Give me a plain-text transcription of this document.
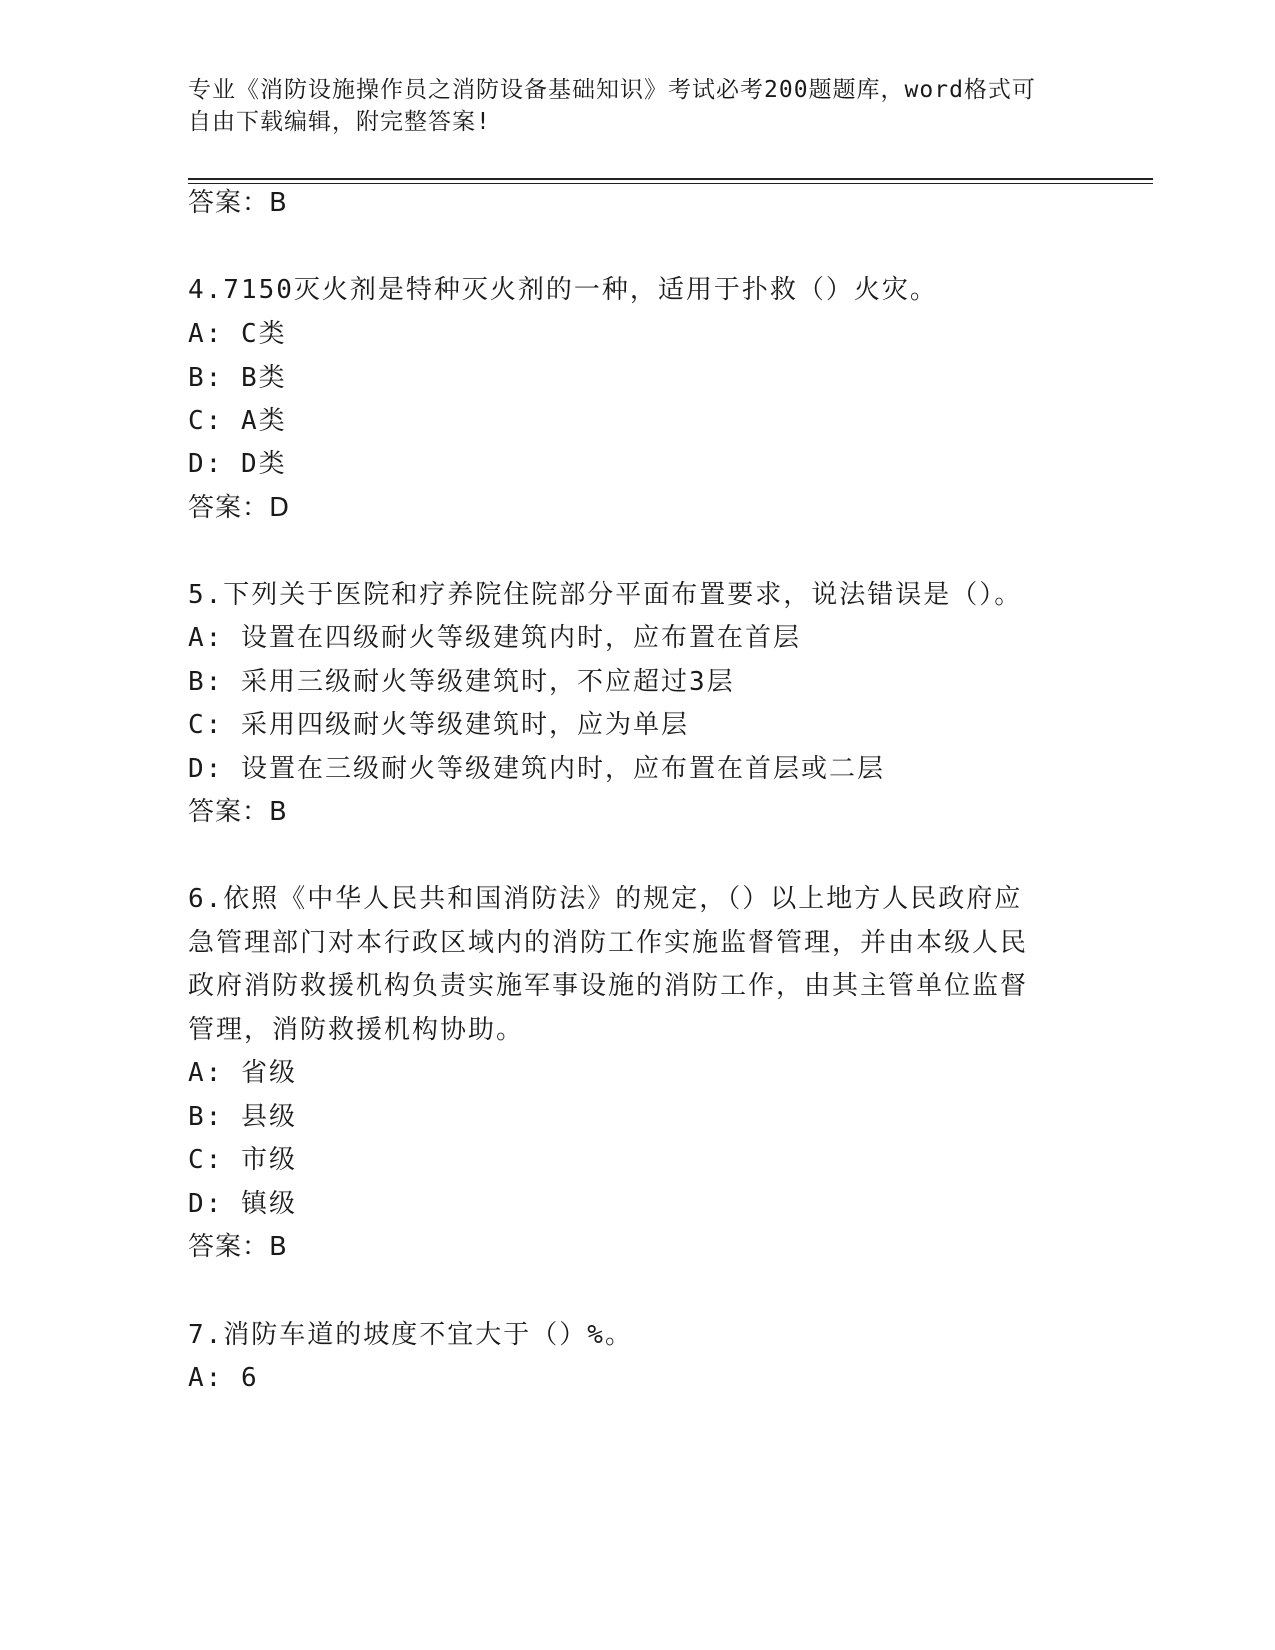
专业《消防设施操作员之消防设备基础知识》考试必考200题题库，word格式可
自由下载编辑，附完整答案!
答案：B
4.7150灭火剂是特种灭火剂的一种，适用于扑救（）火灾。
A: C类
B: B类
C: A类
D: D类
答案：D
5.下列关于医院和疗养院住院部分平面布置要求，说法错误是（）。
A: 设置在四级耐火等级建筑内时，应布置在首层
B: 采用三级耐火等级建筑时，不应超过3层
C: 采用四级耐火等级建筑时，应为单层
D: 设置在三级耐火等级建筑内时，应布置在首层或二层
答案：B
6.依照《中华人民共和国消防法》的规定，（）以上地方人民政府应
急管理部门对本行政区域内的消防工作实施监督管理，并由本级人民
政府消防救援机构负责实施军事设施的消防工作，由其主管单位监督
管理，消防救援机构协助。
A: 省级
B: 县级
C: 市级
D: 镇级
答案：B
7.消防车道的坡度不宜大于（）%。
A: 6
